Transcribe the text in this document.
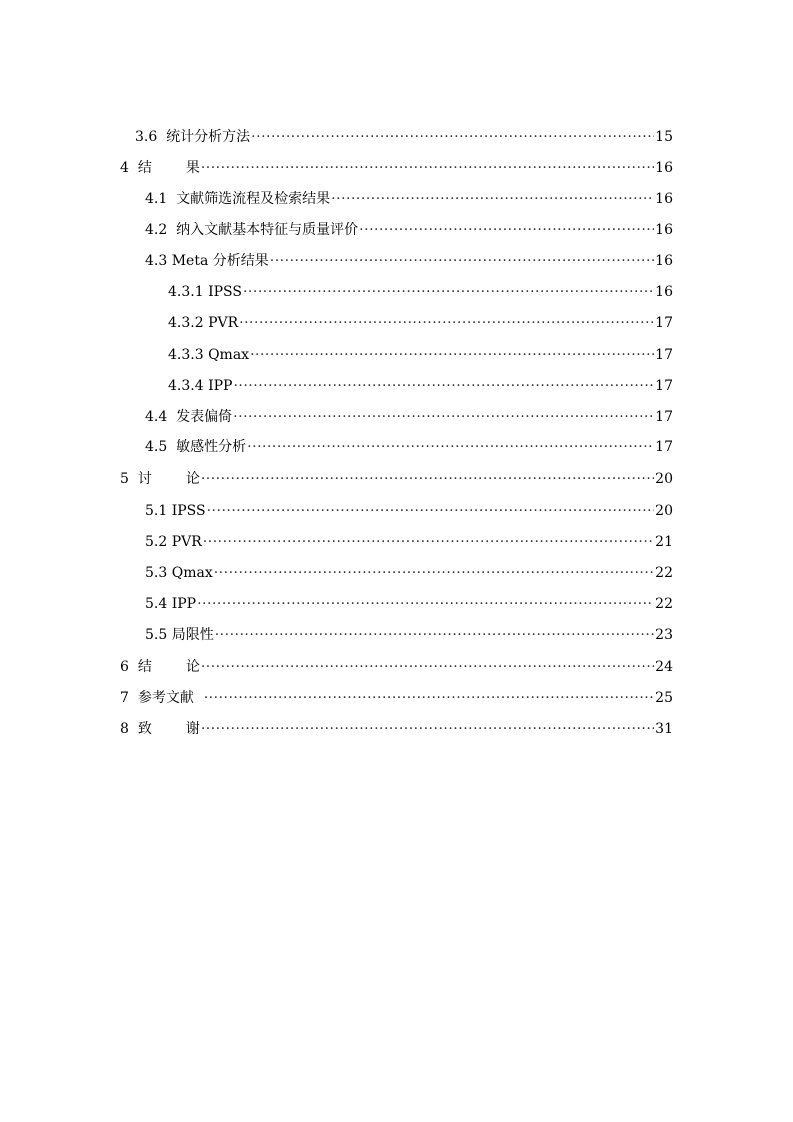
3.6 统计分析方法 ·····	15
4 结 果 ·····	16
4.1 文献筛选流程及检索结果 ·····	16
4.2 纳入文献基本特征与质量评价 ·····	16
4.3 Meta 分析结果 ·····	16
4.3.1 IPSS ·····	16
4.3.2 PVR ·····	17
4.3.3 Qmax ·····	17
4.3.4 IPP ·····	17
4.4 发表偏倚 ·····	17
4.5 敏感性分析 ·····	17
5 讨 论 ·····	20
5.1 IPSS ·····	20
5.2 PVR ·····	21
5.3 Qmax ·····	22
5.4 IPP ·····	22
5.5 局限性 ·····	23
6 结 论 ·····	24
7 参考文献 ·····	25
8 致 谢 ·····	31
